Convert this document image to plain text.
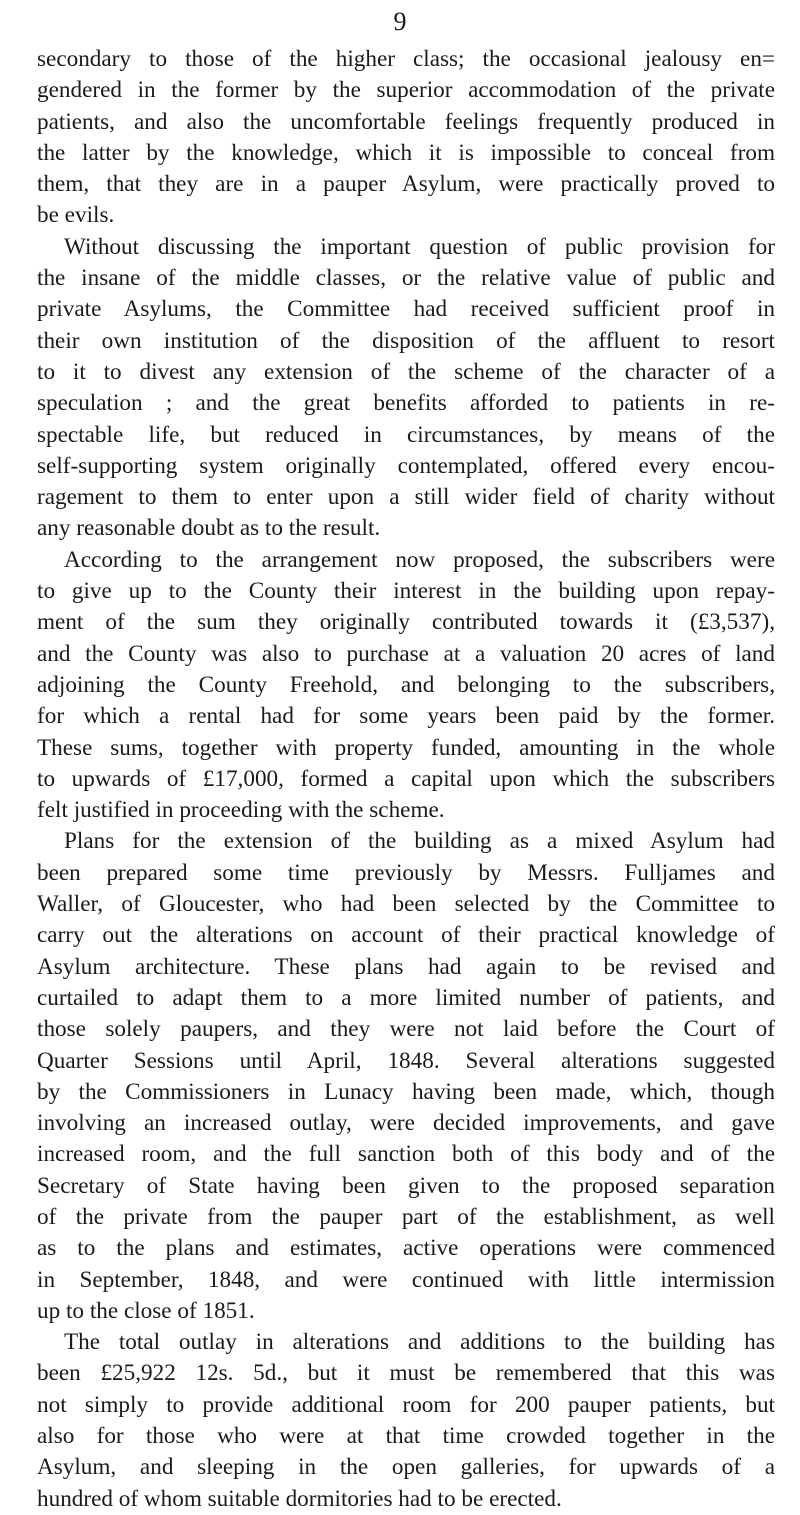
9
secondary to those of the higher class; the occasional jealousy en=
gendered in the former by the superior accommodation of the private
patients, and also the uncomfortable feelings frequently produced in
the latter by the knowledge, which it is impossible to conceal from
them, that they are in a pauper Asylum, were practically proved to
be evils.
Without discussing the important question of public provision for
the insane of the middle classes, or the relative value of public and
private Asylums, the Committee had received sufficient proof in
their own institution of the disposition of the affluent to resort
to it to divest any extension of the scheme of the character of a
speculation ; and the great benefits afforded to patients in re-
spectable life, but reduced in circumstances, by means of the
self-supporting system originally contemplated, offered every encou-
ragement to them to enter upon a still wider field of charity without
any reasonable doubt as to the result.
According to the arrangement now proposed, the subscribers were
to give up to the County their interest in the building upon repay-
ment of the sum they originally contributed towards it (£3,537),
and the County was also to purchase at a valuation 20 acres of land
adjoining the County Freehold, and belonging to the subscribers,
for which a rental had for some years been paid by the former.
These sums, together with property funded, amounting in the whole
to upwards of £17,000, formed a capital upon which the subscribers
felt justified in proceeding with the scheme.
Plans for the extension of the building as a mixed Asylum had
been prepared some time previously by Messrs. Fulljames and
Waller, of Gloucester, who had been selected by the Committee to
carry out the alterations on account of their practical knowledge of
Asylum architecture. These plans had again to be revised and
curtailed to adapt them to a more limited number of patients, and
those solely paupers, and they were not laid before the Court of
Quarter Sessions until April, 1848. Several alterations suggested
by the Commissioners in Lunacy having been made, which, though
involving an increased outlay, were decided improvements, and gave
increased room, and the full sanction both of this body and of the
Secretary of State having been given to the proposed separation
of the private from the pauper part of the establishment, as well
as to the plans and estimates, active operations were commenced
in September, 1848, and were continued with little intermission
up to the close of 1851.
The total outlay in alterations and additions to the building has
been £25,922 12s. 5d., but it must be remembered that this was
not simply to provide additional room for 200 pauper patients, but
also for those who were at that time crowded together in the
Asylum, and sleeping in the open galleries, for upwards of a
hundred of whom suitable dormitories had to be erected.
